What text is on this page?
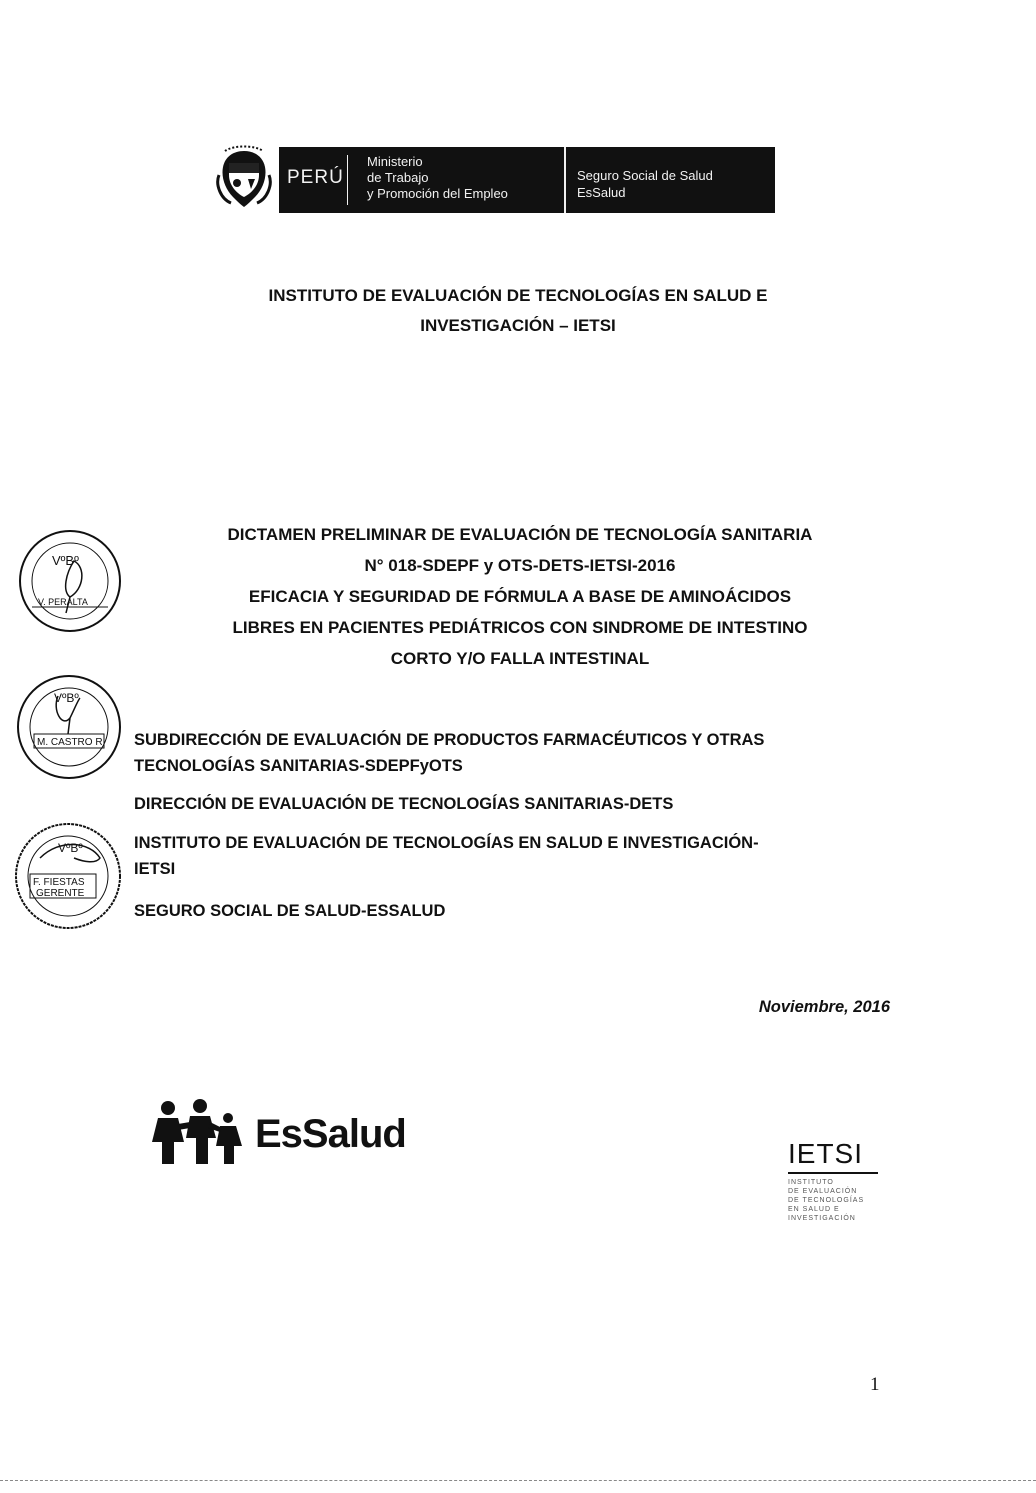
PERÚ
Ministerio
de Trabajo
y Promoción del Empleo
Seguro Social de Salud
EsSalud
INSTITUTO DE EVALUACIÓN DE TECNOLOGÍAS EN SALUD E
INVESTIGACIÓN – IETSI
DICTAMEN PRELIMINAR DE EVALUACIÓN DE TECNOLOGÍA SANITARIA
N° 018-SDEPF y OTS-DETS-IETSI-2016
EFICACIA Y SEGURIDAD DE FÓRMULA A BASE DE AMINOÁCIDOS
LIBRES EN PACIENTES PEDIÁTRICOS CON SINDROME DE INTESTINO
CORTO Y/O FALLA INTESTINAL
VºBº
V. PERALTA
VºBº
M. CASTRO R.
VºBº
F. FIESTAS
GERENTE
SUBDIRECCIÓN DE EVALUACIÓN DE PRODUCTOS FARMACÉUTICOS Y OTRAS
TECNOLOGÍAS SANITARIAS-SDEPFyOTS
DIRECCIÓN DE EVALUACIÓN DE TECNOLOGÍAS SANITARIAS-DETS
INSTITUTO DE EVALUACIÓN DE TECNOLOGÍAS EN SALUD E INVESTIGACIÓN-
IETSI
SEGURO SOCIAL DE SALUD-ESSALUD
Noviembre, 2016
EsSalud	IETSI
INSTITUTO
DE EVALUACIÓN
DE TECNOLOGÍAS
EN SALUD E
INVESTIGACIÓN
1
